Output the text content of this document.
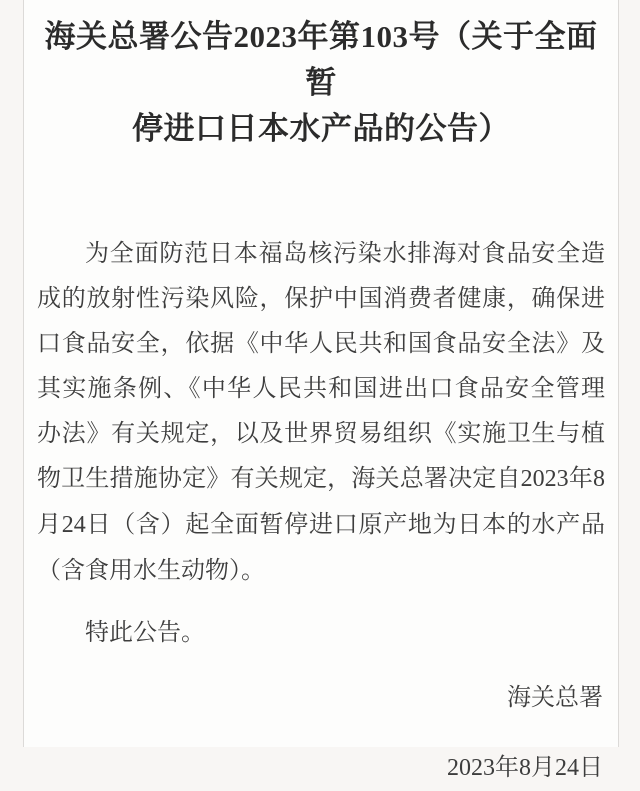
海关总署公告2023年第103号（关于全面暂
停进口日本水产品的公告）

为全面防范日本福岛核污染水排海对食品安全造

成的放射性污染风险，保护中国消费者健康，确保进

口食品安全，依据《中华人民共和国食品安全法》及

其实施条例、《中华人民共和国进出口食品安全管理

办法》有关规定，以及世界贸易组织《实施卫生与植

物卫生措施协定》有关规定，海关总署决定自2023年8

月24日（含）起全面暂停进口原产地为日本的水产品

（含食用水生动物）。

特此公告。

海关总署

2023年8月24日
